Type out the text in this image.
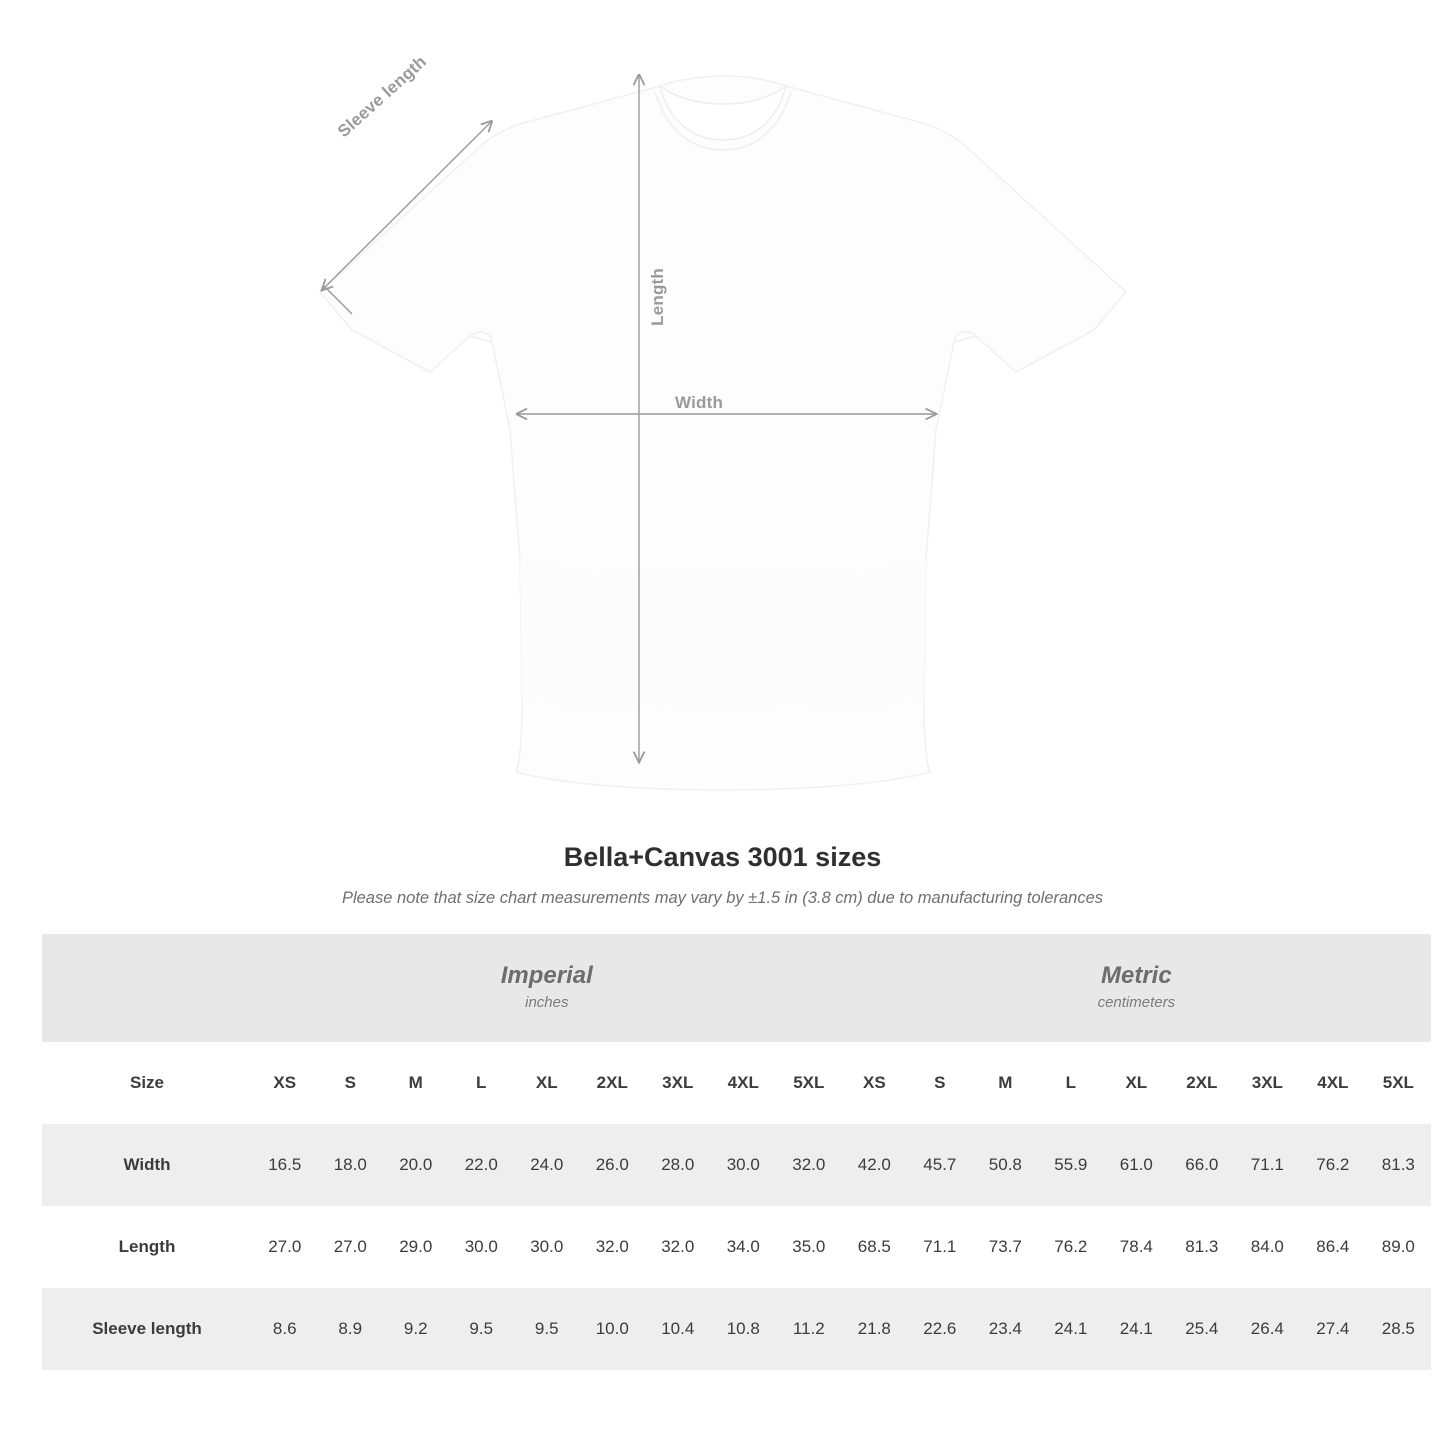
Length
Width
Sleeve length
Bella+Canvas 3001 sizes

Please note that size chart measurements may vary by ±1.5 in (3.8 cm) due to manufacturing tolerances

Imperial
inches

Metric
centimeters

Size	XS	S	M	L	XL	2XL	3XL	4XL	5XL	XS	S	M	L	XL	2XL	3XL	4XL	5XL
Width	16.5	18.0	20.0	22.0	24.0	26.0	28.0	30.0	32.0	42.0	45.7	50.8	55.9	61.0	66.0	71.1	76.2	81.3
Length	27.0	27.0	29.0	30.0	30.0	32.0	32.0	34.0	35.0	68.5	71.1	73.7	76.2	78.4	81.3	84.0	86.4	89.0
Sleeve length	8.6	8.9	9.2	9.5	9.5	10.0	10.4	10.8	11.2	21.8	22.6	23.4	24.1	24.1	25.4	26.4	27.4	28.5
